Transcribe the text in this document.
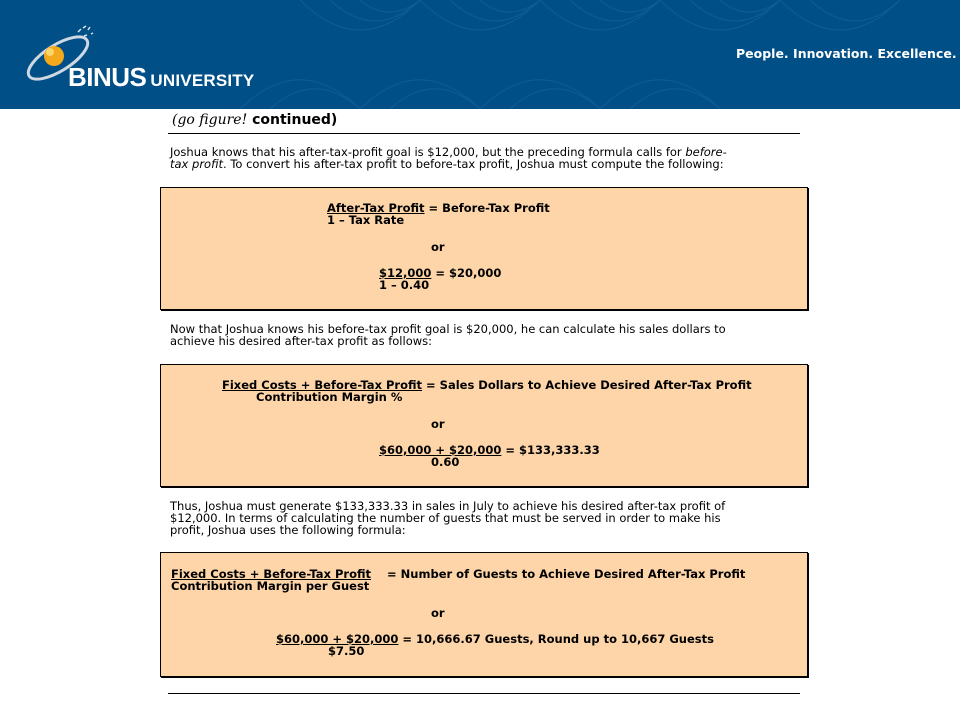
BINUS UNIVERSITY
People. Innovation. Excellence.
(go figure! continued)
Joshua knows that his after-tax-profit goal is $12,000, but the preceding formula calls for before-
tax profit. To convert his after-tax profit to before-tax profit, Joshua must compute the following:
After-Tax Profit = Before-Tax Profit
1 – Tax Rate
or
$12,000 = $20,000
1 – 0.40
Now that Joshua knows his before-tax profit goal is $20,000, he can calculate his sales dollars to
achieve his desired after-tax profit as follows:
Fixed Costs + Before-Tax Profit = Sales Dollars to Achieve Desired After-Tax Profit
Contribution Margin %
or
$60,000 + $20,000 = $133,333.33
0.60
Thus, Joshua must generate $133,333.33 in sales in July to achieve his desired after-tax profit of
$12,000. In terms of calculating the number of guests that must be served in order to make his
profit, Joshua uses the following formula:
Fixed Costs + Before-Tax Profit    = Number of Guests to Achieve Desired After-Tax Profit
Contribution Margin per Guest
or
$60,000 + $20,000 = 10,666.67 Guests, Round up to 10,667 Guests
$7.50
